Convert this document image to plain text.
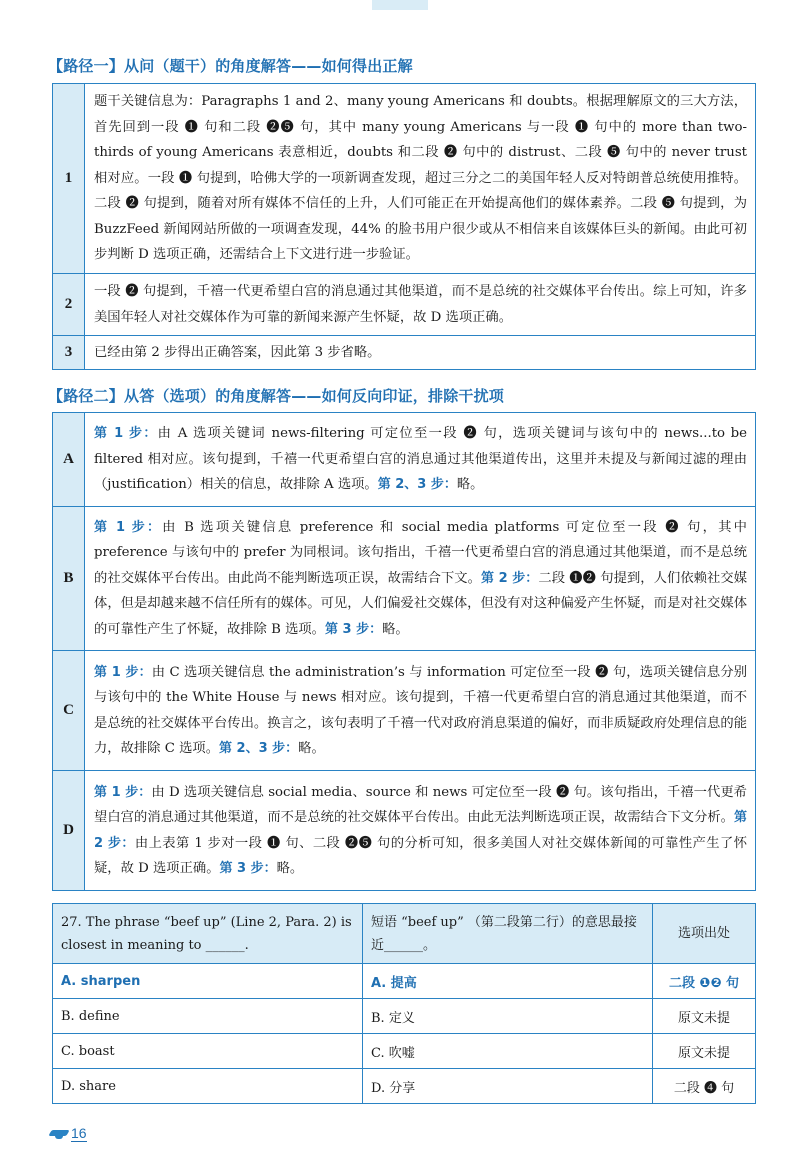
【路径一】从问（题干）的角度解答——如何得出正解
1	题干关键信息为：Paragraphs 1 and 2、many young Americans 和 doubts。根据理解原文的三大方法，首先回到一段 ❶ 句和二段 ❷❺ 句，其中 many young Americans 与一段 ❶ 句中的 more than two-thirds of young Americans 表意相近，doubts 和二段 ❷ 句中的 distrust、二段 ❺ 句中的 never trust 相对应。一段 ❶ 句提到，哈佛大学的一项新调查发现，超过三分之二的美国年轻人反对特朗普总统使用推特。二段 ❷ 句提到，随着对所有媒体不信任的上升，人们可能正在开始提高他们的媒体素养。二段 ❺ 句提到，为 BuzzFeed 新闻网站所做的一项调查发现，44% 的脸书用户很少或从不相信来自该媒体巨头的新闻。由此可初步判断 D 选项正确，还需结合上下文进行进一步验证。
2	一段 ❷ 句提到，千禧一代更希望白宫的消息通过其他渠道，而不是总统的社交媒体平台传出。综上可知，许多美国年轻人对社交媒体作为可靠的新闻来源产生怀疑，故 D 选项正确。
3	已经由第 2 步得出正确答案，因此第 3 步省略。
【路径二】从答（选项）的角度解答——如何反向印证，排除干扰项
A	第 1 步：由 A 选项关键词 news-filtering 可定位至一段 ❷ 句，选项关键词与该句中的 news...to be filtered 相对应。该句提到，千禧一代更希望白宫的消息通过其他渠道传出，这里并未提及与新闻过滤的理由（justification）相关的信息，故排除 A 选项。第 2、3 步：略。
B	第 1 步：由 B 选项关键信息 preference 和 social media platforms 可定位至一段 ❷ 句，其中 preference 与该句中的 prefer 为同根词。该句指出，千禧一代更希望白宫的消息通过其他渠道，而不是总统的社交媒体平台传出。由此尚不能判断选项正误，故需结合下文。第 2 步：二段 ❶❷ 句提到，人们依赖社交媒体，但是却越来越不信任所有的媒体。可见，人们偏爱社交媒体，但没有对这种偏爱产生怀疑，而是对社交媒体的可靠性产生了怀疑，故排除 B 选项。第 3 步：略。
C	第 1 步：由 C 选项关键信息 the administration’s 与 information 可定位至一段 ❷ 句，选项关键信息分别与该句中的 the White House 与 news 相对应。该句提到，千禧一代更希望白宫的消息通过其他渠道，而不是总统的社交媒体平台传出。换言之，该句表明了千禧一代对政府消息渠道的偏好，而非质疑政府处理信息的能力，故排除 C 选项。第 2、3 步：略。
D	第 1 步：由 D 选项关键信息 social media、source 和 news 可定位至一段 ❷ 句。该句指出，千禧一代更希望白宫的消息通过其他渠道，而不是总统的社交媒体平台传出。由此无法判断选项正误，故需结合下文分析。第 2 步：由上表第 1 步对一段 ❶ 句、二段 ❷❺ 句的分析可知，很多美国人对社交媒体新闻的可靠性产生了怀疑，故 D 选项正确。第 3 步：略。
27. The phrase “beef up” (Line 2, Para. 2) is closest in meaning to ______.	短语 “beef up” （第二段第二行）的意思最接近______。	选项出处
A. sharpen	A. 提高	二段 ❶❷ 句
B. define	B. 定义	原文未提
C. boast	C. 吹嘘	原文未提
D. share	D. 分享	二段 ❹ 句
16
